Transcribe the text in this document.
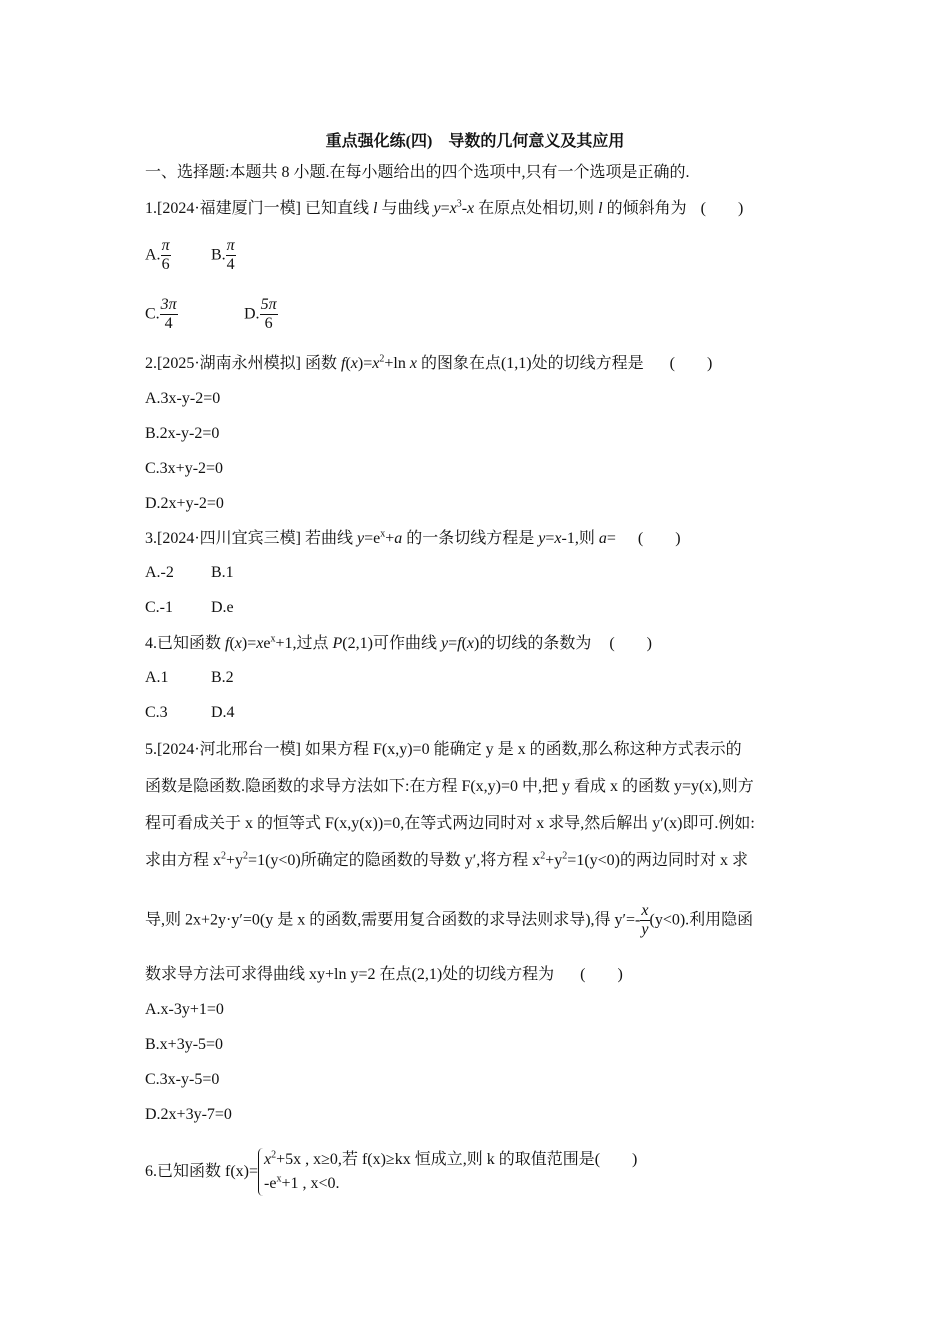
重点强化练(四)　导数的几何意义及其应用
一、选择题:本题共 8 小题.在每小题给出的四个选项中,只有一个选项是正确的.
1.[2024·福建厦门一模] 已知直线 l 与曲线 $y=x^3-x$ 在原点处相切,则 l 的倾斜角为 (　　)
A. $\frac{\pi}{6}$	B. $\frac{\pi}{4}$
C. $\frac{3\pi}{4}$	D. $\frac{5\pi}{6}$
2.[2025·湖南永州模拟] 函数 $f(x)=x^2+\ln$ x 的图象在点(1,1)处的切线方程是 (　　)
A.3x-y-2=0
B.2x-y-2=0
C.3x+y-2=0
D.2x+y-2=0
3.[2024·四川宜宾三模] 若曲线 $y=e^x+a$ 的一条切线方程是 y=x-1,则 a= (　　)
A.-2 B.1
C.-1 D.e
4.已知函数 $f(x)=xe^x+1$,过点 P(2,1)可作曲线 y=f(x)的切线的条数为 (　　)
A.1	B.2
C.3	D.4
5.[2024·河北邢台一模] 如果方程 F(x,y)=0 能确定 y 是 x 的函数,那么称这种方式表示的
函数是隐函数.隐函数的求导方法如下:在方程 F(x,y)=0 中,把 y 看成 x 的函数 y=y(x),则方
程可看成关于 x 的恒等式 F(x,y(x))=0,在等式两边同时对 x 求导,然后解出 y′(x)即可.例如:
求由方程 $x^2+y^2=1(y<0)$所确定的隐函数的导数 y′,将方程 $x^2+y^2=1(y<0)$的两边同时对 x 求
导,则 2x+2y·y′=0(y 是 x 的函数,需要用复合函数的求导法则求导),得 $y'=- \frac{x}{y} (y<0)$.利用隐函
数求导方法可求得曲线 xy+ln y=2 在点(2,1)处的切线方程为 (　　)
A.x-3y+1=0
B.x+3y-5=0
C.3x-y-5=0
D.2x+3y-7=0
6.已知函数 f(x)=
$x^2+5x$ , x≥0,
$-e^x+1$ , x<0.若 f(x)≥kx 恒成立,则 k 的取值范围是(　　)
